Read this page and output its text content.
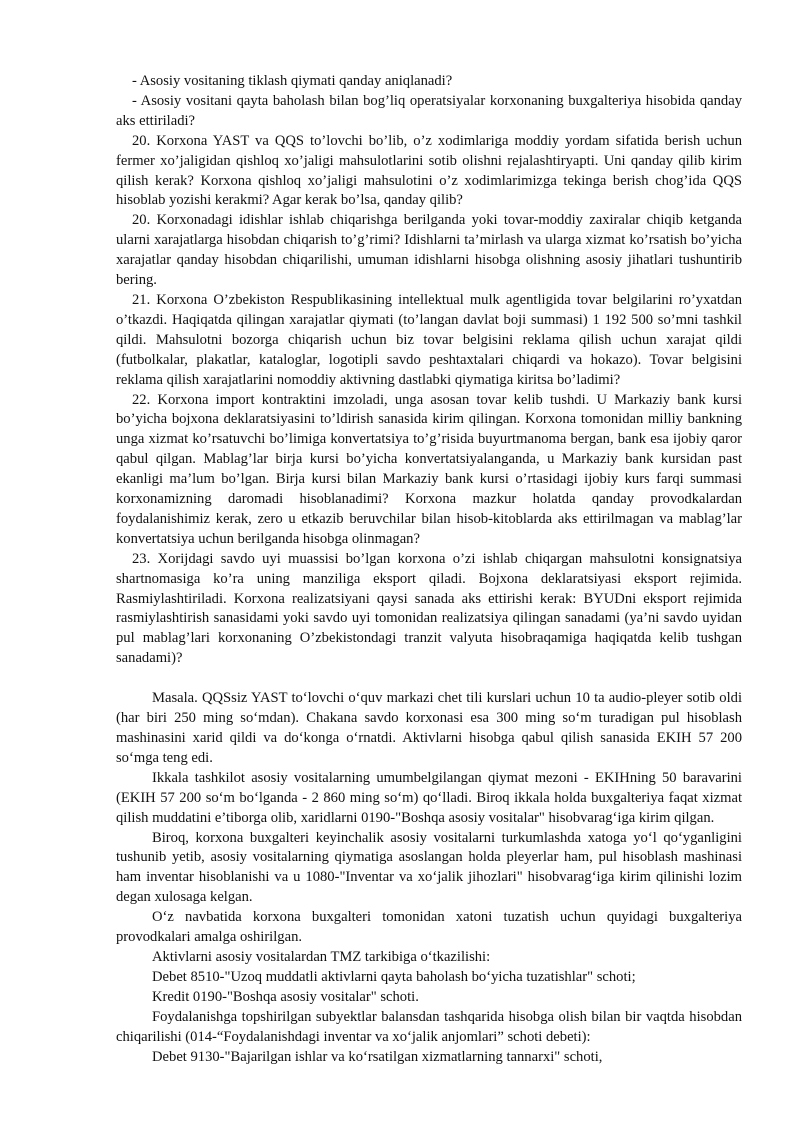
- Asosiy vositaning tiklash qiymati qanday aniqlanadi?

- Asosiy vositani qayta baholash bilan bog’liq operatsiyalar korxonaning buxgalteriya hisobida qanday aks ettiriladi?

20. Korxona YAST va QQS to’lovchi bo’lib, o’z xodimlariga moddiy yordam sifatida berish uchun fermer xo’jaligidan qishloq xo’jaligi mahsulotlarini sotib olishni rejalashtiryapti. Uni qanday qilib kirim qilish kerak? Korxona qishloq xo’jaligi mahsulotini o’z xodimlarimizga tekinga berish chog’ida QQS hisoblab yozishi kerakmi? Agar kerak bo’lsa, qanday qilib?

20. Korxonadagi idishlar ishlab chiqarishga berilganda yoki tovar-moddiy zaxiralar chiqib ketganda ularni xarajatlarga hisobdan chiqarish to’g’rimi? Idishlarni ta’mirlash va ularga xizmat ko’rsatish bo’yicha xarajatlar qanday hisobdan chiqarilishi, umuman idishlarni hisobga olishning asosiy jihatlari tushuntirib bering.

21. Korxona O’zbekiston Respublikasining intellektual mulk agentligida tovar belgilarini ro’yxatdan o’tkazdi. Haqiqatda qilingan xarajatlar qiymati (to’langan davlat boji summasi) 1 192 500 so’mni tashkil qildi. Mahsulotni bozorga chiqarish uchun biz tovar belgisini reklama qilish uchun xarajat qildi (futbolkalar, plakatlar, kataloglar, logotipli savdo peshtaxtalari chiqardi va hokazo). Tovar belgisini reklama qilish xarajatlarini nomoddiy aktivning dastlabki qiymatiga kiritsa bo’ladimi?

22. Korxona import kontraktini imzoladi, unga asosan tovar kelib tushdi. U Markaziy bank kursi bo’yicha bojxona deklaratsiyasini to’ldirish sanasida kirim qilingan. Korxona tomonidan milliy bankning unga xizmat ko’rsatuvchi bo’limiga konvertatsiya to’g’risida buyurtmanoma bergan, bank esa ijobiy qaror qabul qilgan. Mablag’lar birja kursi bo’yicha konvertatsiyalanganda, u Markaziy bank kursidan past ekanligi ma’lum bo’lgan. Birja kursi bilan Markaziy bank kursi o’rtasidagi ijobiy kurs farqi summasi korxonamizning daromadi hisoblanadimi? Korxona mazkur holatda qanday provodkalardan foydalanishimiz kerak, zero u etkazib beruvchilar bilan hisob-kitoblarda aks ettirilmagan va mablag’lar konvertatsiya uchun berilganda hisobga olinmagan?

23. Xorijdagi savdo uyi muassisi bo’lgan korxona o’zi ishlab chiqargan mahsulotni konsignatsiya shartnomasiga ko’ra uning manziliga eksport qiladi. Bojxona deklaratsiyasi eksport rejimida. Rasmiylashtiriladi. Korxona realizatsiyani qaysi sanada aks ettirishi kerak: BYUDni eksport rejimida rasmiylashtirish sanasidami yoki savdo uyi tomonidan realizatsiya qilingan sanadami (ya’ni savdo uyidan pul mablag’lari korxonaning O’zbekistondagi tranzit valyuta hisobraqamiga haqiqatda kelib tushgan sanadami)?

Masala. QQSsiz YAST to‘lovchi o‘quv markazi chet tili kurslari uchun 10 ta audio-pleyer sotib oldi (har biri 250 ming so‘mdan). Chakana savdo korxonasi esa 300 ming so‘m turadigan pul hisoblash mashinasini xarid qildi va do‘konga o‘rnatdi. Aktivlarni hisobga qabul qilish sanasida EKIH 57 200 so‘mga teng edi.

Ikkala tashkilot asosiy vositalarning umumbelgilangan qiymat mezoni - EKIHning 50 baravarini (EKIH 57 200 so‘m bo‘lganda - 2 860 ming so‘m) qo‘lladi. Biroq ikkala holda buxgalteriya faqat xizmat qilish muddatini e’tiborga olib, xaridlarni 0190-"Boshqa asosiy vositalar" hisobvarag‘iga kirim qilgan.

Biroq, korxona buxgalteri keyinchalik asosiy vositalarni turkumlashda xatoga yo‘l qo‘yganligini tushunib yetib, asosiy vositalarning qiymatiga asoslangan holda pleyerlar ham, pul hisoblash mashinasi ham inventar hisoblanishi va u 1080-"Inventar va xo‘jalik jihozlari" hisobvarag‘iga kirim qilinishi lozim degan xulosaga kelgan.

O‘z navbatida korxona buxgalteri tomonidan xatoni tuzatish uchun quyidagi buxgalteriya provodkalari amalga oshirilgan.

Aktivlarni asosiy vositalardan TMZ tarkibiga o‘tkazilishi:

Debet 8510-"Uzoq muddatli aktivlarni qayta baholash bo‘yicha tuzatishlar" schoti;

Kredit 0190-"Boshqa asosiy vositalar" schoti.

Foydalanishga topshirilgan subyektlar balansdan tashqarida hisobga olish bilan bir vaqtda hisobdan chiqarilishi (014-“Foydalanishdagi inventar va xo‘jalik anjomlari” schoti debeti):

Debet 9130-"Bajarilgan ishlar va ko‘rsatilgan xizmatlarning tannarxi" schoti,
